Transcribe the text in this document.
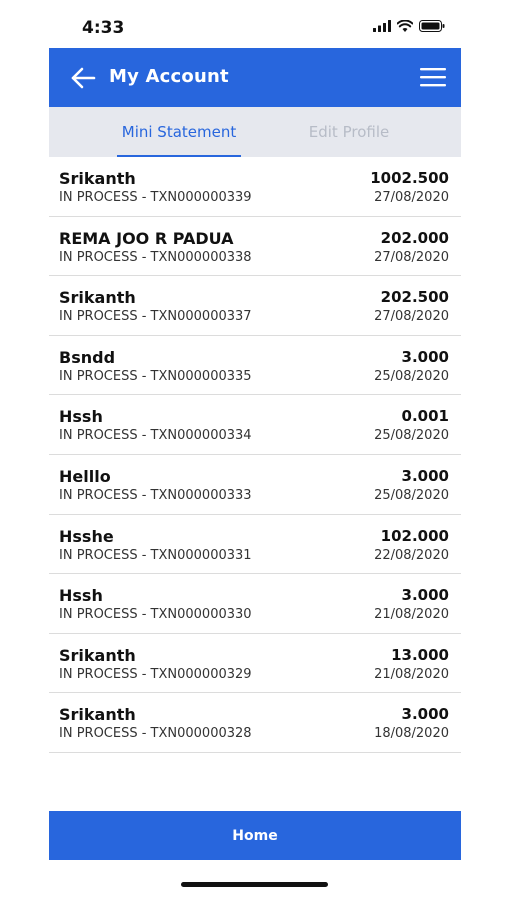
4:33
My Account
Mini Statement	Edit Profile
Srikanth
IN PROCESS - TXN000000339
1002.500
27/08/2020
REMA JOO R PADUA
IN PROCESS - TXN000000338
202.000
27/08/2020
Srikanth
IN PROCESS - TXN000000337
202.500
27/08/2020
Bsndd
IN PROCESS - TXN000000335
3.000
25/08/2020
Hssh
IN PROCESS - TXN000000334
0.001
25/08/2020
Helllo
IN PROCESS - TXN000000333
3.000
25/08/2020
Hsshe
IN PROCESS - TXN000000331
102.000
22/08/2020
Hssh
IN PROCESS - TXN000000330
3.000
21/08/2020
Srikanth
IN PROCESS - TXN000000329
13.000
21/08/2020
Srikanth
IN PROCESS - TXN000000328
3.000
18/08/2020
Home
